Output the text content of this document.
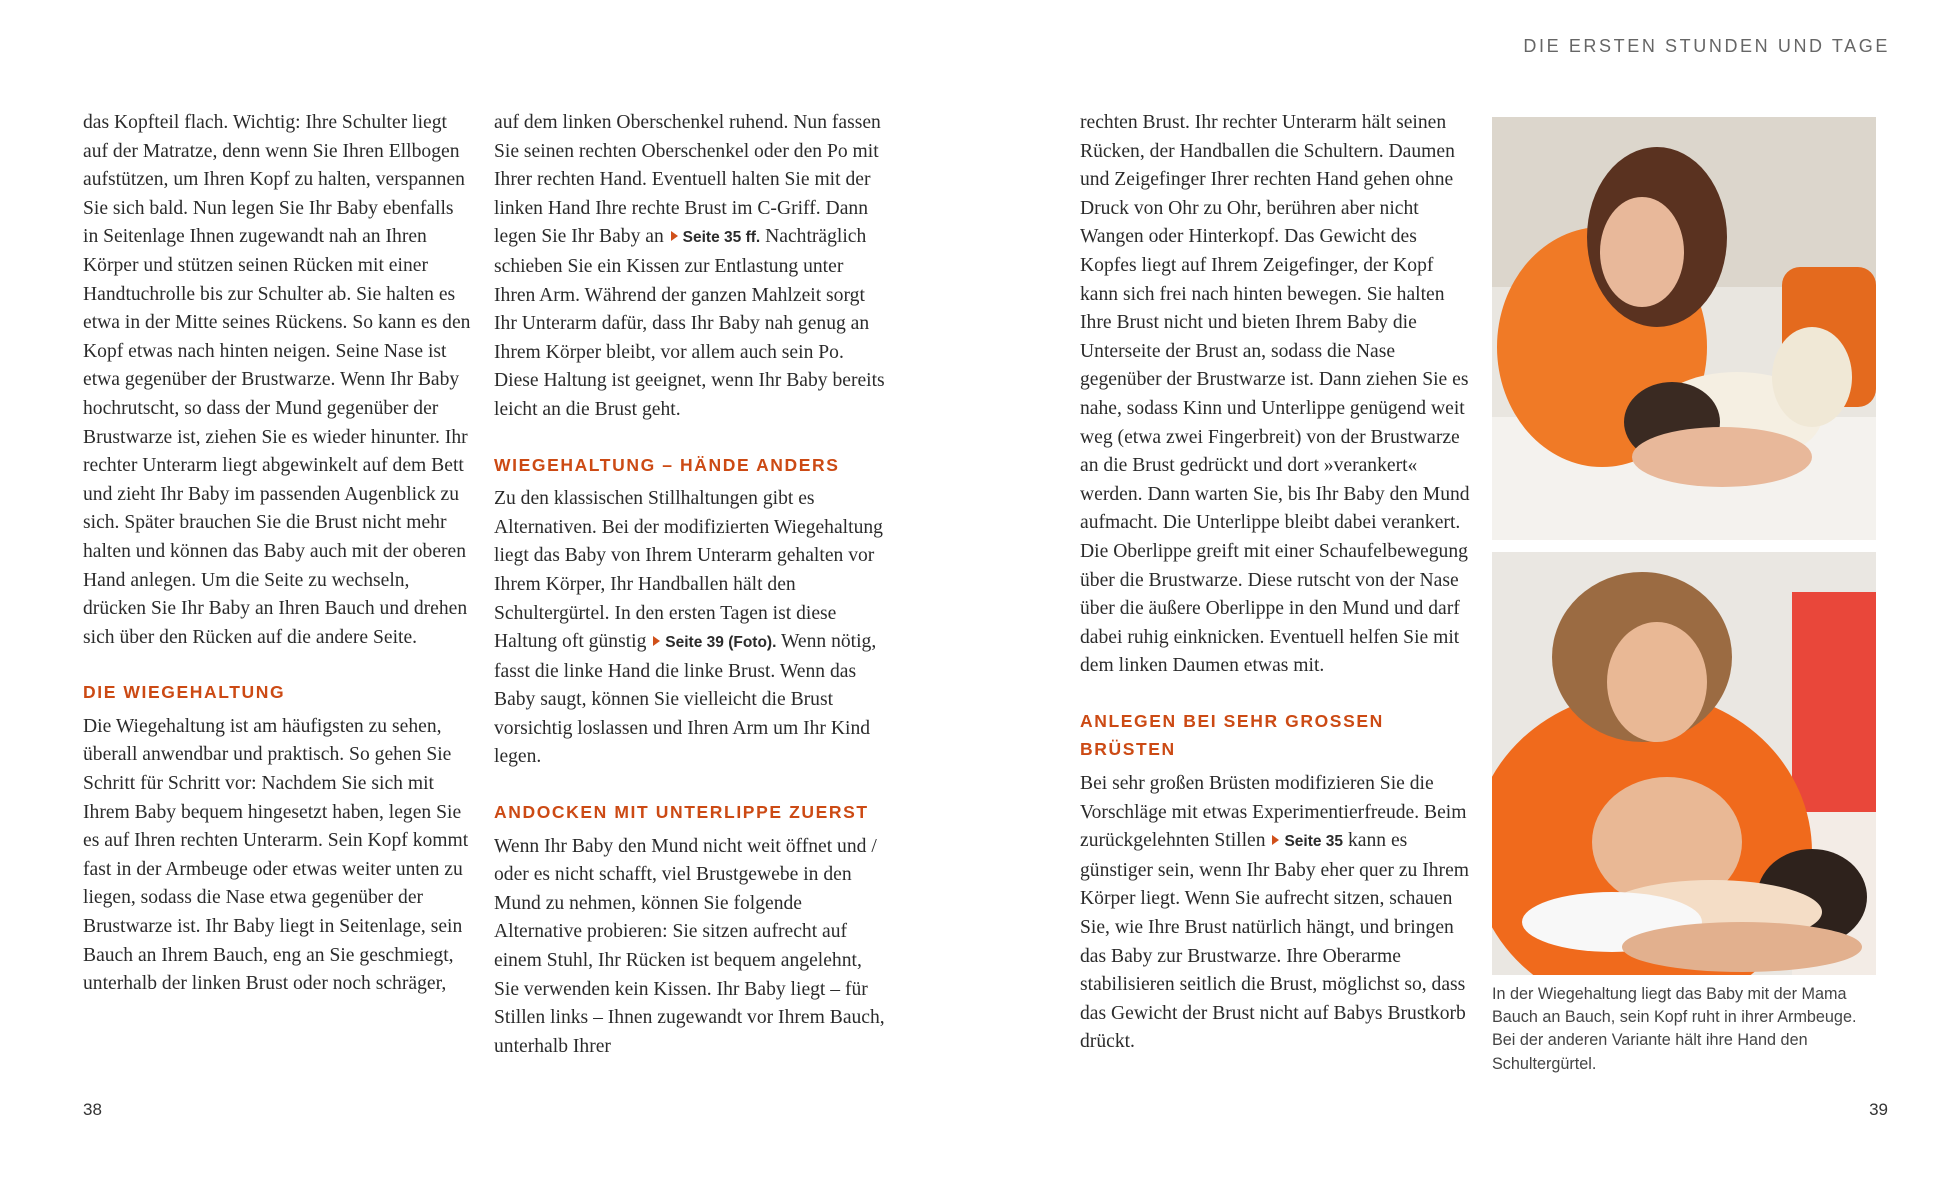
DIE ERSTEN STUNDEN UND TAGE

das Kopfteil flach. Wichtig: Ihre Schulter liegt auf der Matratze, denn wenn Sie Ihren Ellbogen aufstützen, um Ihren Kopf zu halten, verspannen Sie sich bald. Nun legen Sie Ihr Baby ebenfalls in Seitenlage Ihnen zugewandt nah an Ihren Körper und stützen seinen Rücken mit einer Handtuchrolle bis zur Schulter ab. Sie halten es etwa in der Mitte seines Rückens. So kann es den Kopf etwas nach hinten neigen. Seine Nase ist etwa gegenüber der Brustwarze. Wenn Ihr Baby hochrutscht, so dass der Mund gegenüber der Brustwarze ist, ziehen Sie es wieder hinunter. Ihr rechter Unterarm liegt abgewinkelt auf dem Bett und zieht Ihr Baby im passenden Augenblick zu sich. Später brauchen Sie die Brust nicht mehr halten und können das Baby auch mit der oberen Hand anlegen. Um die Seite zu wechseln, drücken Sie Ihr Baby an Ihren Bauch und drehen sich über den Rücken auf die andere Seite.

DIE WIEGEHALTUNG

Die Wiegehaltung ist am häufigsten zu sehen, überall anwendbar und praktisch. So gehen Sie Schritt für Schritt vor: Nachdem Sie sich mit Ihrem Baby bequem hingesetzt haben, legen Sie es auf Ihren rechten Unterarm. Sein Kopf kommt fast in der Armbeuge oder etwas weiter unten zu liegen, sodass die Nase etwa gegenüber der Brustwarze ist. Ihr Baby liegt in Seitenlage, sein Bauch an Ihrem Bauch, eng an Sie geschmiegt, unterhalb der linken Brust oder noch schräger,

auf dem linken Oberschenkel ruhend. Nun fassen Sie seinen rechten Oberschenkel oder den Po mit Ihrer rechten Hand. Eventuell halten Sie mit der linken Hand Ihre rechte Brust im C-Griff. Dann legen Sie Ihr Baby an Seite 35 ff. Nachträglich schieben Sie ein Kissen zur Entlastung unter Ihren Arm. Während der ganzen Mahlzeit sorgt Ihr Unterarm dafür, dass Ihr Baby nah genug an Ihrem Körper bleibt, vor allem auch sein Po. Diese Haltung ist geeignet, wenn Ihr Baby bereits leicht an die Brust geht.

WIEGEHALTUNG – HÄNDE ANDERS

Zu den klassischen Stillhaltungen gibt es Alternativen. Bei der modifizierten Wiegehaltung liegt das Baby von Ihrem Unterarm gehalten vor Ihrem Körper, Ihr Handballen hält den Schultergürtel. In den ersten Tagen ist diese Haltung oft günstig Seite 39 (Foto). Wenn nötig, fasst die linke Hand die linke Brust. Wenn das Baby saugt, können Sie vielleicht die Brust vorsichtig loslassen und Ihren Arm um Ihr Kind legen.

ANDOCKEN MIT UNTERLIPPE ZUERST

Wenn Ihr Baby den Mund nicht weit öffnet und / oder es nicht schafft, viel Brustgewebe in den Mund zu nehmen, können Sie folgende Alternative probieren: Sie sitzen aufrecht auf einem Stuhl, Ihr Rücken ist bequem angelehnt, Sie verwenden kein Kissen. Ihr Baby liegt – für Stillen links – Ihnen zugewandt vor Ihrem Bauch, unterhalb Ihrer

rechten Brust. Ihr rechter Unterarm hält seinen Rücken, der Handballen die Schultern. Daumen und Zeigefinger Ihrer rechten Hand gehen ohne Druck von Ohr zu Ohr, berühren aber nicht Wangen oder Hinterkopf. Das Gewicht des Kopfes liegt auf Ihrem Zeigefinger, der Kopf kann sich frei nach hinten bewegen. Sie halten Ihre Brust nicht und bieten Ihrem Baby die Unterseite der Brust an, sodass die Nase gegenüber der Brustwarze ist. Dann ziehen Sie es nahe, sodass Kinn und Unterlippe genügend weit weg (etwa zwei Fingerbreit) von der Brustwarze an die Brust gedrückt und dort »verankert« werden. Dann warten Sie, bis Ihr Baby den Mund aufmacht. Die Unterlippe bleibt dabei verankert. Die Oberlippe greift mit einer Schaufelbewegung über die Brustwarze. Diese rutscht von der Nase über die äußere Oberlippe in den Mund und darf dabei ruhig einknicken. Eventuell helfen Sie mit dem linken Daumen etwas mit.

ANLEGEN BEI SEHR GROSSEN BRÜSTEN

Bei sehr großen Brüsten modifizieren Sie die Vorschläge mit etwas Experimentierfreude. Beim zurückgelehnten Stillen Seite 35 kann es günstiger sein, wenn Ihr Baby eher quer zu Ihrem Körper liegt. Wenn Sie aufrecht sitzen, schauen Sie, wie Ihre Brust natürlich hängt, und bringen das Baby zur Brustwarze. Ihre Oberarme stabilisieren seitlich die Brust, möglichst so, dass das Gewicht der Brust nicht auf Babys Brustkorb drückt.

In der Wiegehaltung liegt das Baby mit der Mama Bauch an Bauch, sein Kopf ruht in ihrer Armbeuge. Bei der anderen Variante hält ihre Hand den Schultergürtel.
38	39
